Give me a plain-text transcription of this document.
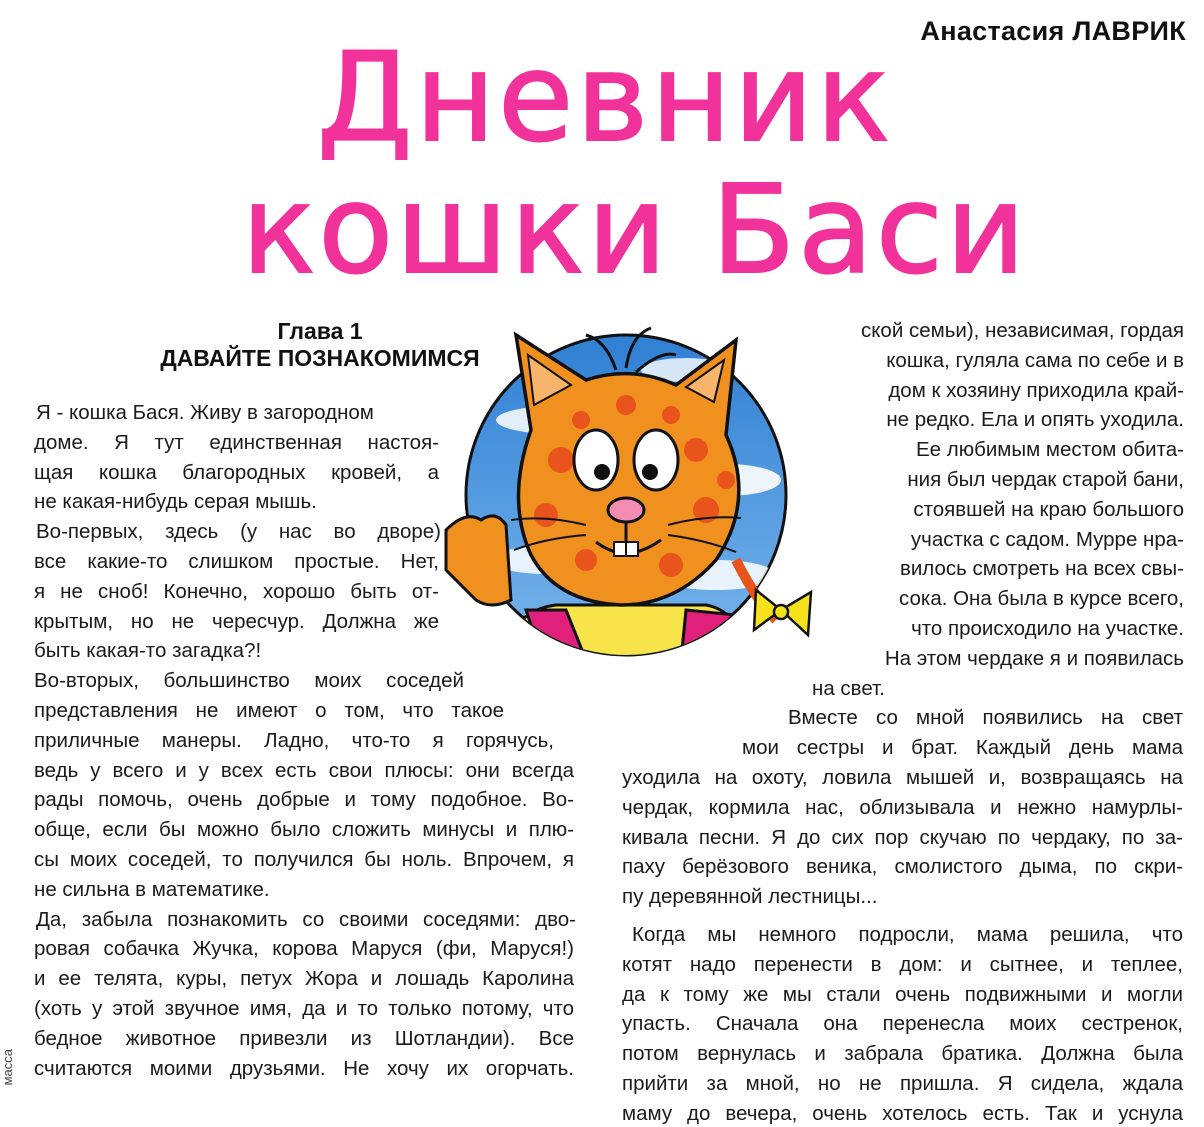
Анастасия ЛАВРИК
Дневник
кошки Баси
масса
Глава 1
ДАВАЙТЕ ПОЗНАКОМИМСЯ
Я - кошка Бася. Живу в загородном
доме. Я тут единственная настоя-
щая кошка благородных кровей, а
не какая-нибудь серая мышь.
Во-первых, здесь (у нас во дворе)
все какие-то слишком простые. Нет,
я не сноб! Конечно, хорошо быть от-
крытым, но не чересчур. Должна же
быть какая-то загадка?!
Во-вторых, большинство моих соседей
представления не имеют о том, что такое
приличные манеры. Ладно, что-то я горячусь,
ведь у всего и у всех есть свои плюсы: они всегда
рады помочь, очень добрые и тому подобное. Во-
обще, если бы можно было сложить минусы и плю-
сы моих соседей, то получился бы ноль. Впрочем, я
не сильна в математике.
Да, забыла познакомить со своими соседями: дво-
ровая собачка Жучка, корова Маруся (фи, Маруся!)
и ее телята, куры, петух Жора и лошадь Каролина
(хоть у этой звучное имя, да и то только потому, что
бедное животное привезли из Шотландии). Все
считаются моими друзьями. Не хочу их огорчать.
ской семьи), независимая, гордая
кошка, гуляла сама по себе и в
дом к хозяину приходила край-
не редко. Ела и опять уходила.
Ее любимым местом обита-
ния был чердак старой бани,
стоявшей на краю большого
участка с садом. Мурре нра-
вилось смотреть на всех свы-
сока. Она была в курсе всего,
что происходило на участке.
На этом чердаке я и появилась
на свет.
Вместе со мной появились на свет
мои сестры и брат. Каждый день мама
уходила на охоту, ловила мышей и, возвращаясь на
чердак, кормила нас, облизывала и нежно намурлы-
кивала песни. Я до сих пор скучаю по чердаку, по за-
паху берёзового веника, смолистого дыма, по скри-
пу деревянной лестницы...
Когда мы немного подросли, мама решила, что
котят надо перенести в дом: и сытнее, и теплее,
да к тому же мы стали очень подвижными и могли
упасть. Сначала она перенесла моих сестренок,
потом вернулась и забрала братика. Должна была
прийти за мной, но не пришла. Я сидела, ждала
маму до вечера, очень хотелось есть. Так и уснула
